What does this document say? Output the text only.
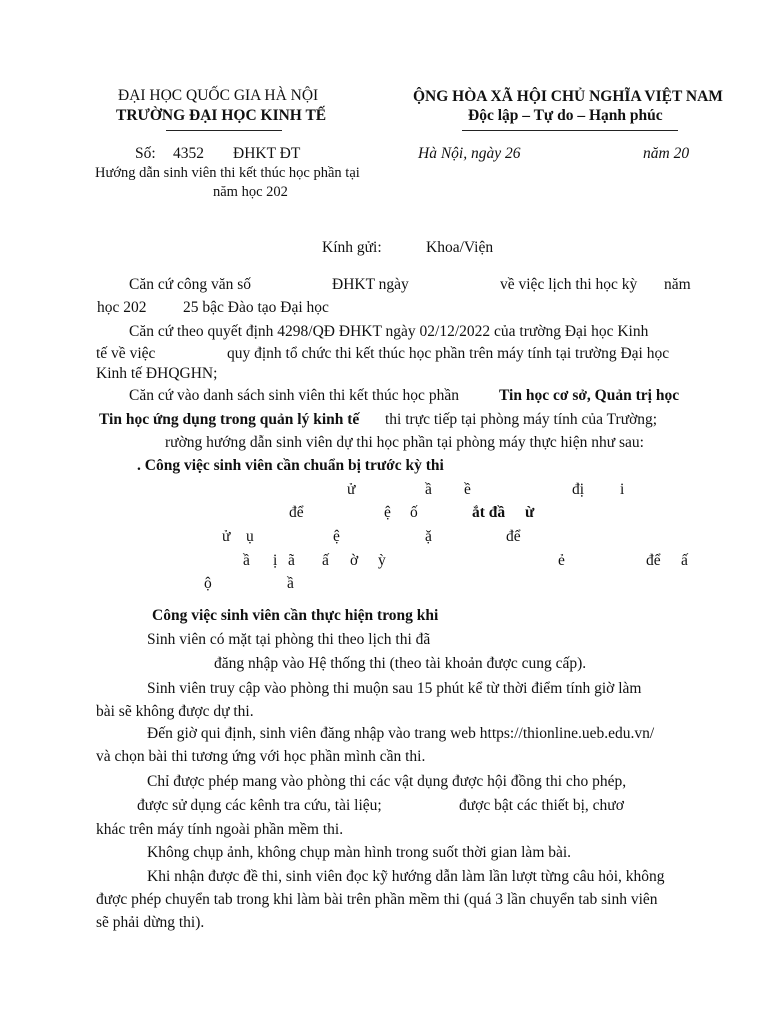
ĐẠI HỌC QUỐC GIA HÀ NỘI
TRƯỜNG ĐẠI HỌC KINH TẾ
ỘNG HÒA XÃ HỘI CHỦ NGHĨA VIỆT NAM
Độc lập – Tự do – Hạnh phúc
Số: 4352 ĐHKT ĐT	Hà Nội, ngày 26	năm 20
Hướng dẫn sinh viên thi kết thúc học phần tại
năm học 202
Kính gửi:	Khoa/Viện
Căn cứ công văn số	ĐHKT ngày	về việc lịch thi học kỳ năm
học 202 25 bậc Đào tạo Đại học
Căn cứ theo quyết định 4298/QĐ ĐHKT ngày 02/12/2022 của trường Đại học Kinh
tế về việc	quy định tổ chức thi kết thúc học phần trên máy tính tại trường Đại học
Kinh tế ĐHQGHN;
Căn cứ vào danh sách sinh viên thi kết thúc học phần	Tin học cơ sở, Quản trị học
Tin học ứng dụng trong quản lý kinh tế thi trực tiếp tại phòng máy tính của Trường;
rường hướng dẫn sinh viên dự thi học phần tại phòng máy thực hiện như sau:
. Công việc sinh viên cần chuẩn bị trước kỳ thi
ử	ầ ề	đị i
để	ệ ố	ắt đầ ừ
ử ụ	ệ	ặ	để
ầ ị ã ấ ờ ỳ	ẻ	để ấ
ộ	ầ
Công việc sinh viên cần thực hiện trong khi
Sinh viên có mặt tại phòng thi theo lịch thi đã
đăng nhập vào Hệ thống thi (theo tài khoản được cung cấp).
Sinh viên truy cập vào phòng thi muộn sau 15 phút kể từ thời điểm tính giờ làm
bài sẽ không được dự thi.
Đến giờ qui định, sinh viên đăng nhập vào trang web https://thionline.ueb.edu.vn/
và chọn bài thi tương ứng với học phần mình cần thi.
Chỉ được phép mang vào phòng thi các vật dụng được hội đồng thi cho phép,
được sử dụng các kênh tra cứu, tài liệu;	được bật các thiết bị, chươ
khác trên máy tính ngoài phần mềm thi.
Không chụp ảnh, không chụp màn hình trong suốt thời gian làm bài.
Khi nhận được đề thi, sinh viên đọc kỹ hướng dẫn làm lần lượt từng câu hỏi, không
được phép chuyển tab trong khi làm bài trên phần mềm thi (quá 3 lần chuyển tab sinh viên
sẽ phải dừng thi).
